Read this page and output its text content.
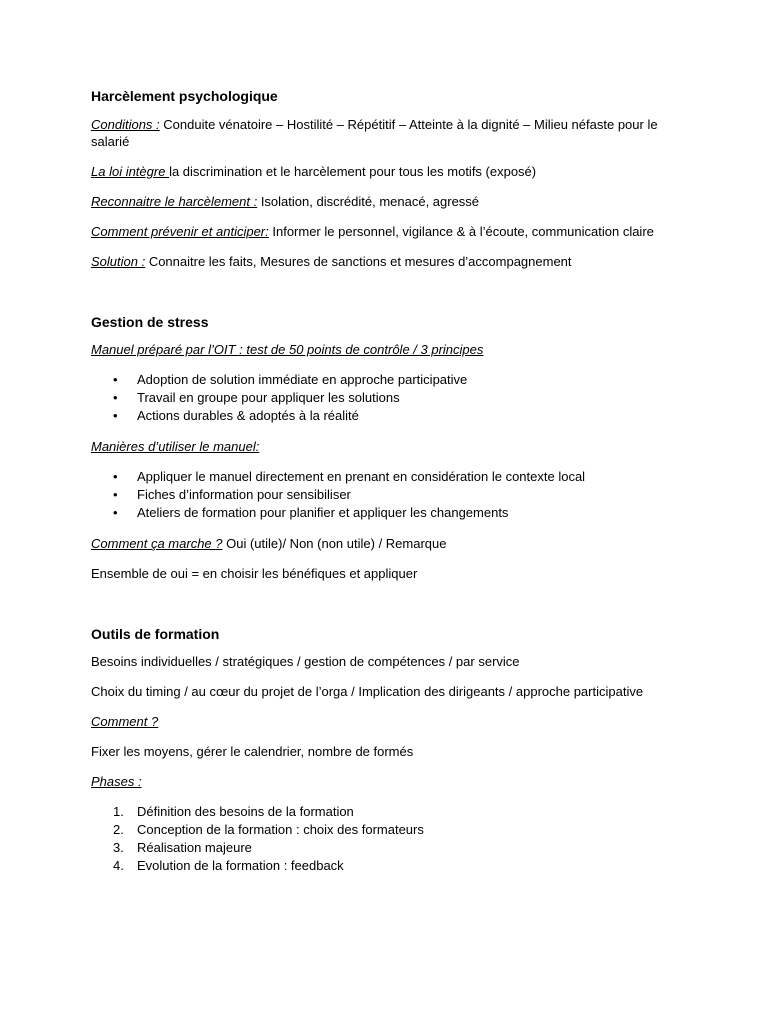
Harcèlement psychologique

Conditions : Conduite vénatoire – Hostilité – Répétitif – Atteinte à la dignité – Milieu néfaste pour le salarié

La loi intègre la discrimination et le harcèlement pour tous les motifs (exposé)

Reconnaitre le harcèlement : Isolation, discrédité, menacé, agressé

Comment prévenir et anticiper: Informer le personnel, vigilance & à l’écoute, communication claire

Solution : Connaitre les faits, Mesures de sanctions et mesures d’accompagnement

Gestion de stress

Manuel préparé par l’OIT : test de 50 points de contrôle / 3 principes

• Adoption de solution immédiate en approche participative
• Travail en groupe pour appliquer les solutions
• Actions durables & adoptés à la réalité

Manières d’utiliser le manuel:

• Appliquer le manuel directement en prenant en considération le contexte local
• Fiches d’information pour sensibiliser
• Ateliers de formation pour planifier et appliquer les changements

Comment ça marche ? Oui (utile)/ Non (non utile) / Remarque

Ensemble de oui = en choisir les bénéfiques et appliquer

Outils de formation

Besoins individuelles / stratégiques / gestion de compétences / par service

Choix du timing / au cœur du projet de l’orga / Implication des dirigeants / approche participative

Comment ?

Fixer les moyens, gérer le calendrier, nombre de formés

Phases :

1. Définition des besoins de la formation
2. Conception de la formation : choix des formateurs
3. Réalisation majeure
4. Evolution de la formation : feedback
